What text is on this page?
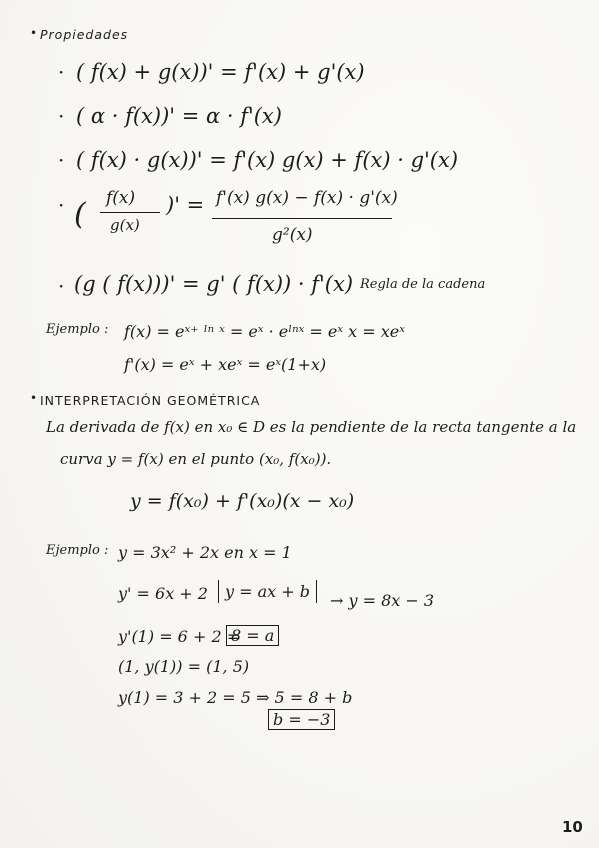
• Propiedades
· ( f(x) + g(x))' = f'(x) + g'(x)
· ( α · f(x))' = α · f'(x)
· ( f(x) · g(x))' = f'(x) g(x) + f(x) · g'(x)
· ( f(x)
g(x)
)' = f'(x) g(x) − f(x) · g'(x)
g²(x)
· (g ( f(x)))' = g' ( f(x)) · f'(x) Regla de la cadena
Ejemplo : f(x) = eˣ⁺ ˡⁿ ˣ = eˣ · eˡⁿˣ = eˣ x = xeˣ
f'(x) = eˣ + xeˣ = eˣ(1+x)
• INTERPRETACIÓN GEOMÉTRICA
La derivada de f(x) en x₀ ∈ D es la pendiente de la recta tangente a la
curva y = f(x) en el punto (x₀, f(x₀)).
y = f(x₀) + f'(x₀)(x − x₀)
Ejemplo : y = 3x² + 2x en x = 1
y' = 6x + 2	y = ax + b	→ y = 8x − 3
y'(1) = 6 + 2 =
8 = a
(1, y(1)) = (1, 5)
y(1) = 3 + 2 = 5 ⇒ 5 = 8 + b
b = −3
10
